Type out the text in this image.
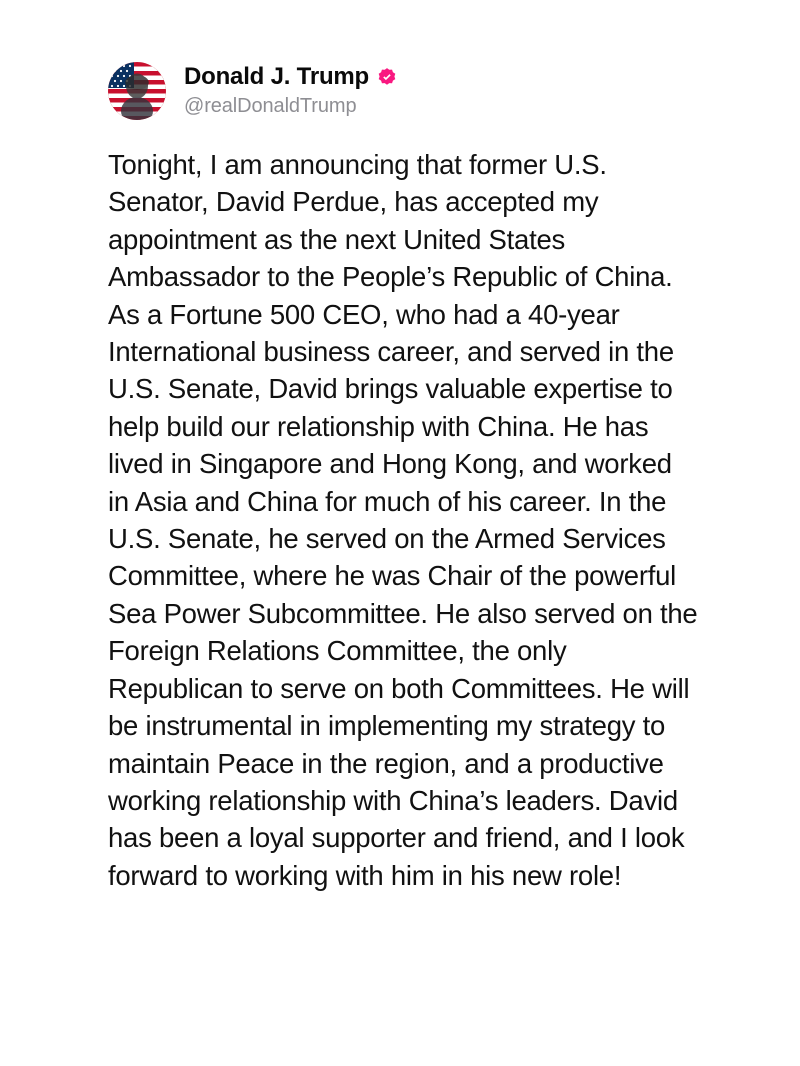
Donald J. Trump
@realDonaldTrump
Tonight, I am announcing that former U.S. Senator, David Perdue, has accepted my appointment as the next United States Ambassador to the People’s Republic of China. As a Fortune 500 CEO, who had a 40-year International business career, and served in the U.S. Senate, David brings valuable expertise to help build our relationship with China. He has lived in Singapore and Hong Kong, and worked in Asia and China for much of his career. In the U.S. Senate, he served on the Armed Services Committee, where he was Chair of the powerful Sea Power Subcommittee. He also served on the Foreign Relations Committee, the only Republican to serve on both Committees. He will be instrumental in implementing my strategy to maintain Peace in the region, and a productive working relationship with China’s leaders. David has been a loyal supporter and friend, and I look forward to working with him in his new role!
